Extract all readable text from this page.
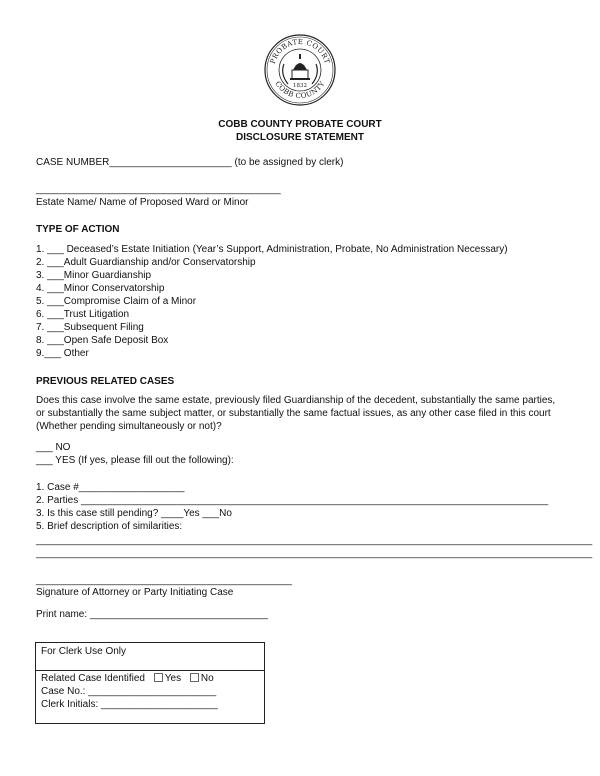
PROBATE COURT
COBB COUNTY
1832
COBB COUNTY PROBATE COURT
DISCLOSURE STATEMENT
CASE NUMBER______________________ (to be assigned by clerk)
____________________________________________
Estate Name/ Name of Proposed Ward or Minor
TYPE OF ACTION
1. ___ Deceased’s Estate Initiation (Year’s Support, Administration, Probate, No Administration Necessary)
2. ___Adult Guardianship and/or Conservatorship
3. ___Minor Guardianship
4. ___Minor Conservatorship
5. ___Compromise Claim of a Minor
6. ___Trust Litigation
7. ___Subsequent Filing
8. ___Open Safe Deposit Box
9.___ Other
PREVIOUS RELATED CASES
Does this case involve the same estate, previously filed Guardianship of the decedent, substantially the same parties, or substantially the same subject matter, or substantially the same factual issues, as any other case filed in this court (Whether pending simultaneously or not)?
___ NO
___ YES (If yes, please fill out the following):
1. Case #___________________
2. Parties ____________________________________________________________________________________
3. Is this case still pending? ____Yes ___No
5. Brief description of similarities:
____________________________________________________________________________________________________
____________________________________________________________________________________________________
______________________________________________
Signature of Attorney or Party Initiating Case
Print name: ________________________________
For Clerk Use Only
Related Case Identified Yes No
Case No.: _______________________
Clerk Initials: _____________________
